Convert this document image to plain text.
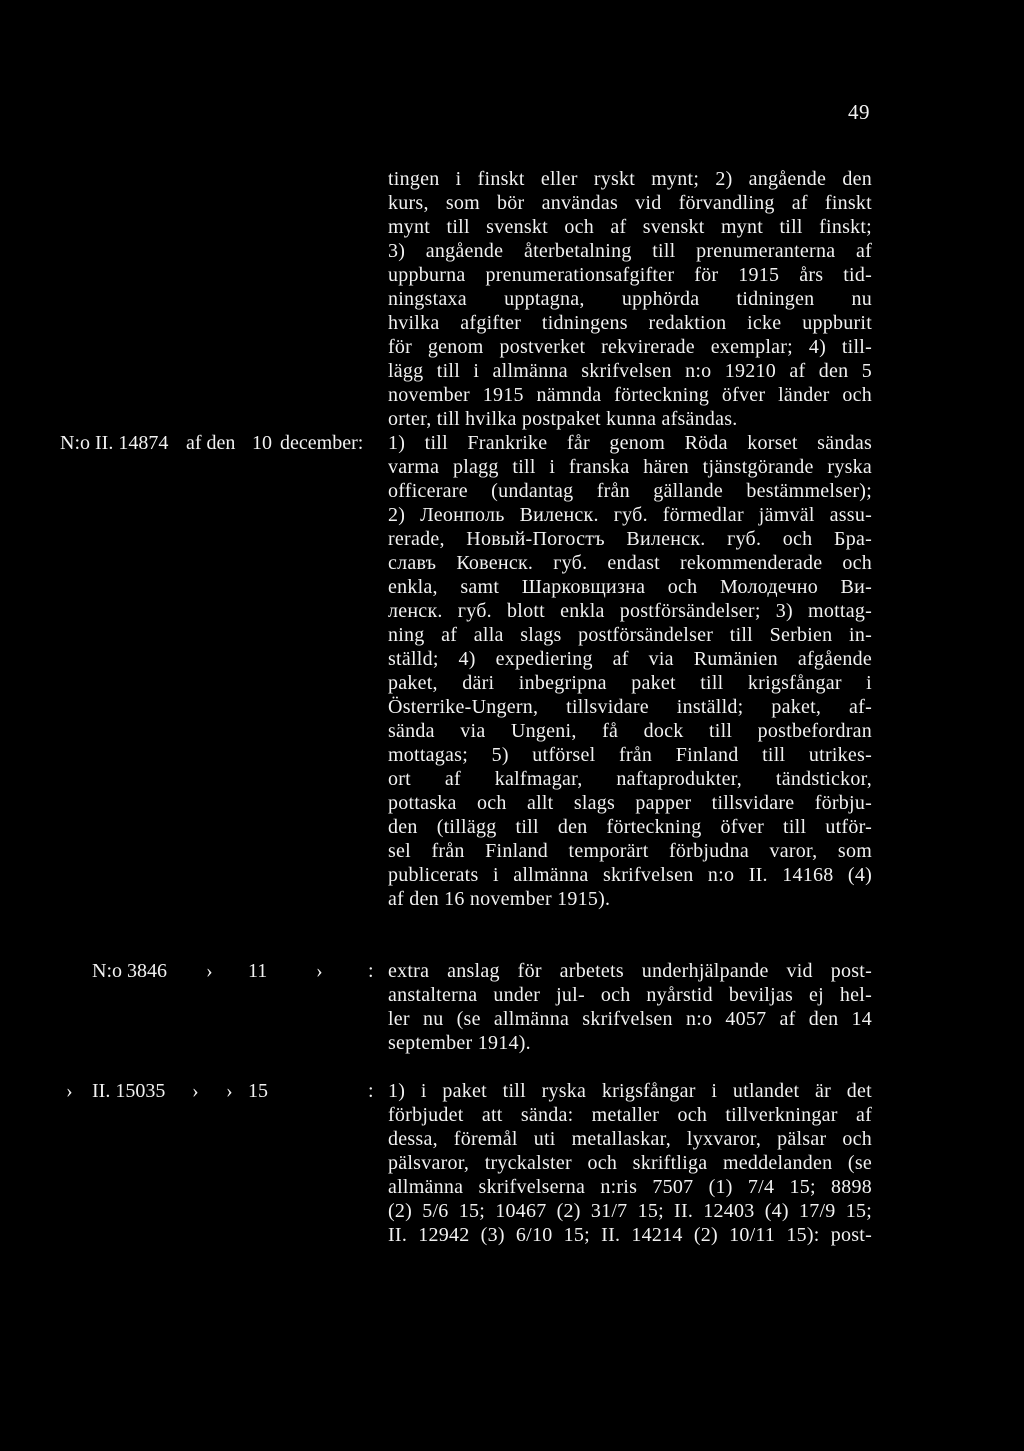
49
tingen i finskt eller ryskt mynt; 2) angående den
kurs, som bör användas vid förvandling af finskt
mynt till svenskt och af svenskt mynt till finskt;
3) angående återbetalning till prenumeranterna af
uppburna prenumerationsafgifter för 1915 års tid-
ningstaxa upptagna, upphörda tidningen nu
hvilka afgifter tidningens redaktion icke uppburit
för genom postverket rekvirerade exemplar; 4) till-
lägg till i allmänna skrifvelsen n:o 19210 af den 5
november 1915 nämnda förteckning öfver länder och
orter, till hvilka postpaket kunna afsändas.
N:o II. 14874 af den 10 december: 1) till Frankrike får genom Röda korset sändas
varma plagg till i franska hären tjänstgörande ryska
officerare (undantag från gällande bestämmelser);
2) Леонполь Виленск. губ. förmedlar jämväl assu-
rerade, Новый-Погостъ Виленск. губ. och Бра-
славъ Ковенск. губ. endast rekommenderade och
enkla, samt Шарковщизна och Молодечно Ви-
ленск. губ. blott enkla postförsändelser; 3) mottag-
ning af alla slags postförsändelser till Serbien in-
ställd; 4) expediering af via Rumänien afgående
paket, däri inbegripna paket till krigsfångar i
Österrike-Ungern, tillsvidare inställd; paket, af-
sända via Ungeni, få dock till postbefordran
mottagas; 5) utförsel från Finland till utrikes-
ort af kalfmagar, naftaprodukter, tändstickor,
pottaska och allt slags papper tillsvidare förbju-
den (tillägg till den förteckning öfver till utför-
sel från Finland temporärt förbjudna varor, som
publicerats i allmänna skrifvelsen n:o II. 14168 (4)
af den 16 november 1915).
N:o 3846 › 11 › : extra anslag för arbetets underhjälpande vid post-
anstalterna under jul- och nyårstid beviljas ej hel-
ler nu (se allmänna skrifvelsen n:o 4057 af den 14
september 1914).
› II. 15035 › › 15	: 1) i paket till ryska krigsfångar i utlandet är det
förbjudet att sända: metaller och tillverkningar af
dessa, föremål uti metallaskar, lyxvaror, pälsar och
pälsvaror, tryckalster och skriftliga meddelanden (se
allmänna skrifvelserna n:ris 7507 (1) 7/4 15; 8898
(2) 5/6 15; 10467 (2) 31/7 15; II. 12403 (4) 17/9 15;
II. 12942 (3) 6/10 15; II. 14214 (2) 10/11 15): post-
